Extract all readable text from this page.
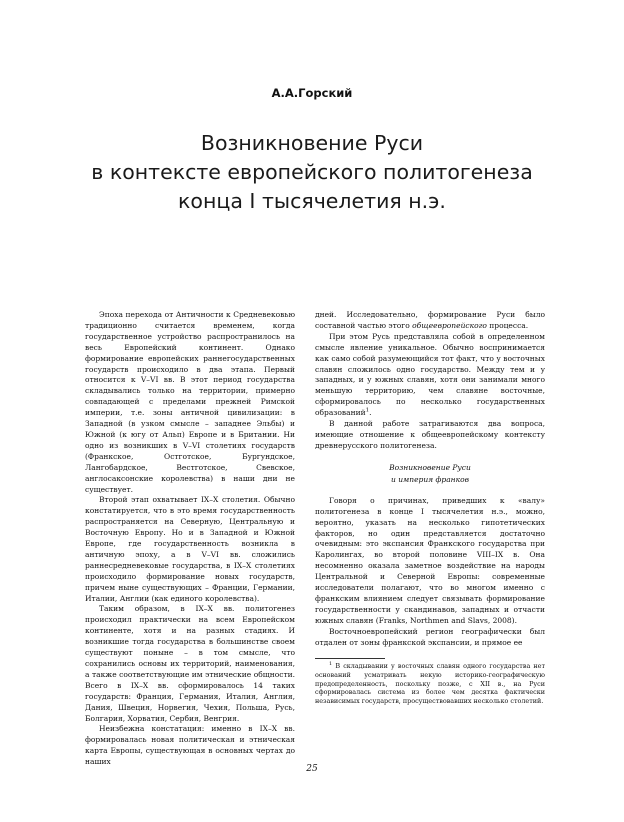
А.А.Горский
Возникновение Руси
в контексте европейского политогенеза
конца I тысячелетия н.э.

Эпоха перехода от Античности к Средневековью традиционно считается временем, когда государственное устройство распространилось на весь Европейский континент. Однако формирование европейских раннегосударственных государств происходило в два этапа. Первый относится к V–VI вв. В этот период государства складывались только на территории, примерно совпадающей с пределами прежней Римской империи, т.е. зоны античной цивилизации: в Западной (в узком смысле – западнее Эльбы) и Южной (к югу от Альп) Европе и в Британии. Ни одно из возникших в V–VI столетиях государств (Франкское, Остготское, Бургундское, Лангобардское, Вестготское, Свевское, англосаксонские королевства) в наши дни не существует.

Второй этап охватывает IX–X столетия. Обычно констатируется, что в это время государственность распространяется на Северную, Центральную и Восточную Европу. Но и в Западной и Южной Европе, где государственность возникла в античную эпоху, а в V–VI вв. сложились раннесредневековые государства, в IX–X столетиях происходило формирование новых государств, причем ныне существующих – Франции, Германии, Италии, Англии (как единого королевства).

Таким образом, в IX–X вв. политогенез происходил практически на всем Европейском континенте, хотя и на разных стадиях. И возникшие тогда государства в большинстве своем существуют поныне – в том смысле, что сохранились основы их территорий, наименования, а также соответствующие им этнические общности. Всего в IX–X вв. сформировалось 14 таких государств: Франция, Германия, Италия, Англия, Дания, Швеция, Норвегия, Чехия, Польша, Русь, Болгария, Хорватия, Сербия, Венгрия.

Неизбежна констатация: именно в IX–X вв. формировалась новая политическая и этническая карта Европы, существующая в основных чертах до наших

дней. Исследовательно, формирование Руси было составной частью этого общеевропейского процесса.

При этом Русь представляла собой в определенном смысле явление уникальное. Обычно воспринимается как само собой разумеющийся тот факт, что у восточных славян сложилось одно государство. Между тем и у западных, и у южных славян, хотя они занимали много меньшую территорию, чем славяне восточные, сформировалось по несколько государственных образований$^1$.

В данной работе затрагиваются два вопроса, имеющие отношение к общеевропейскому контексту древнерусского политогенеза.

Возникновение Руси
и империя франков

Говоря о причинах, приведших к «валу» политогенеза в конце I тысячелетия н.э., можно, вероятно, указать на несколько гипотетических факторов, но один представляется достаточно очевидным: это экспансия Франкского государства при Каролингах, во второй половине VIII–IX в. Она несомненно оказала заметное воздействие на народы Центральной и Северной Европы: современные исследователи полагают, что во многом именно с франкским влиянием следует связывать формирование государственности у скандинавов, западных и отчасти южных славян (Franks, Northmen and Slavs, 2008).

Восточноевропейский регион географически был отдален от зоны франкской экспансии, и прямое ее

$^1$ В складывании у восточных славян одного государства нет оснований усматривать некую историко-географическую предопределенность, поскольку позже, с XII в., на Руси сформировалась система из более чем десятка фактически независимых государств, просуществовавших несколько столетий.

25
